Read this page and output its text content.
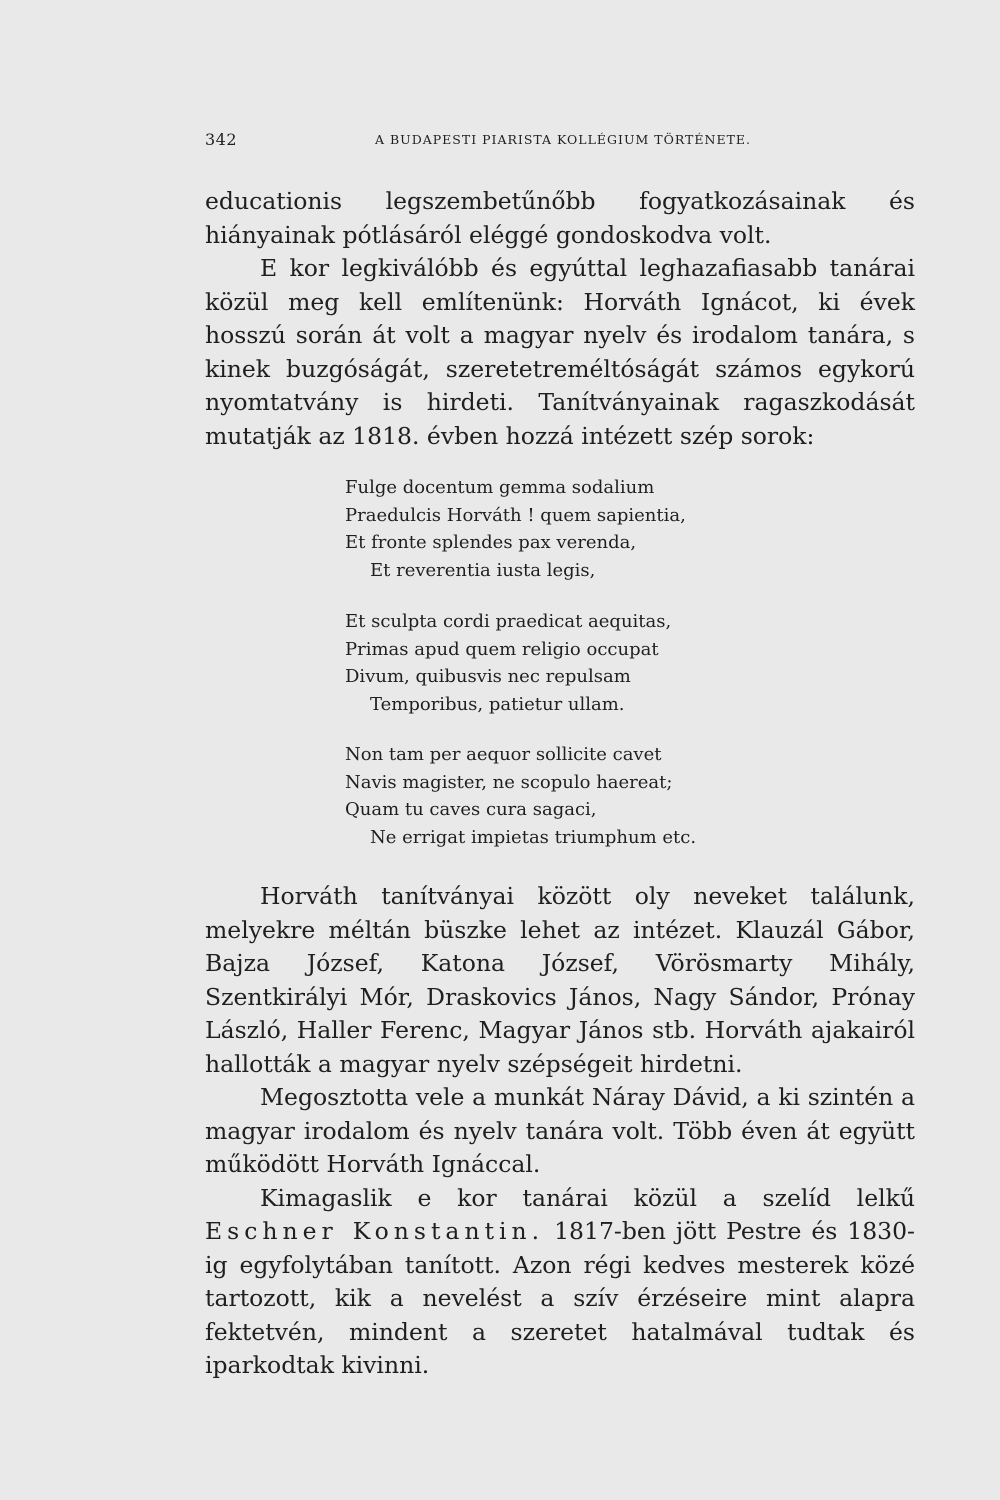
342	A BUDAPESTI PIARISTA KOLLÉGIUM TÖRTÉNETE.

educationis legszembetűnőbb fogyatkozásainak és hiányainak pótlásáról eléggé gondoskodva volt.

E kor legkiválóbb és egyúttal leghazafiasabb tanárai közül meg kell említenünk: Horváth Ignácot, ki évek hosszú során át volt a magyar nyelv és irodalom tanára, s kinek buzgóságát, szeretetreméltóságát számos egykorú nyomtatvány is hirdeti. Tanítványainak ragaszkodását mutatják az 1818. évben hozzá intézett szép sorok:

Fulge docentum gemma sodalium
Praedulcis Horváth ! quem sapientia,
Et fronte splendes pax verenda,
Et reverentia iusta legis,
Et sculpta cordi praedicat aequitas,
Primas apud quem religio occupat
Divum, quibusvis nec repulsam
Temporibus, patietur ullam.
Non tam per aequor sollicite cavet
Navis magister, ne scopulo haereat;
Quam tu caves cura sagaci,
Ne errigat impietas triumphum etc.

Horváth tanítványai között oly neveket találunk, melyekre méltán büszke lehet az intézet. Klauzál Gábor, Bajza József, Katona József, Vörösmarty Mihály, Szentkirályi Mór, Draskovics János, Nagy Sándor, Prónay László, Haller Ferenc, Magyar János stb. Horváth ajakairól hallották a magyar nyelv szépségeit hirdetni.

Megosztotta vele a munkát Náray Dávid, a ki szintén a magyar irodalom és nyelv tanára volt. Több éven át együtt működött Horváth Ignáccal.

Kimagaslik e kor tanárai közül a szelíd lelkű Eschner Konstantin. 1817-ben jött Pestre és 1830-ig egyfolytában tanított. Azon régi kedves mesterek közé tartozott, kik a nevelést a szív érzéseire mint alapra fektetvén, mindent a szeretet hatalmával tudtak és iparkodtak kivinni.
